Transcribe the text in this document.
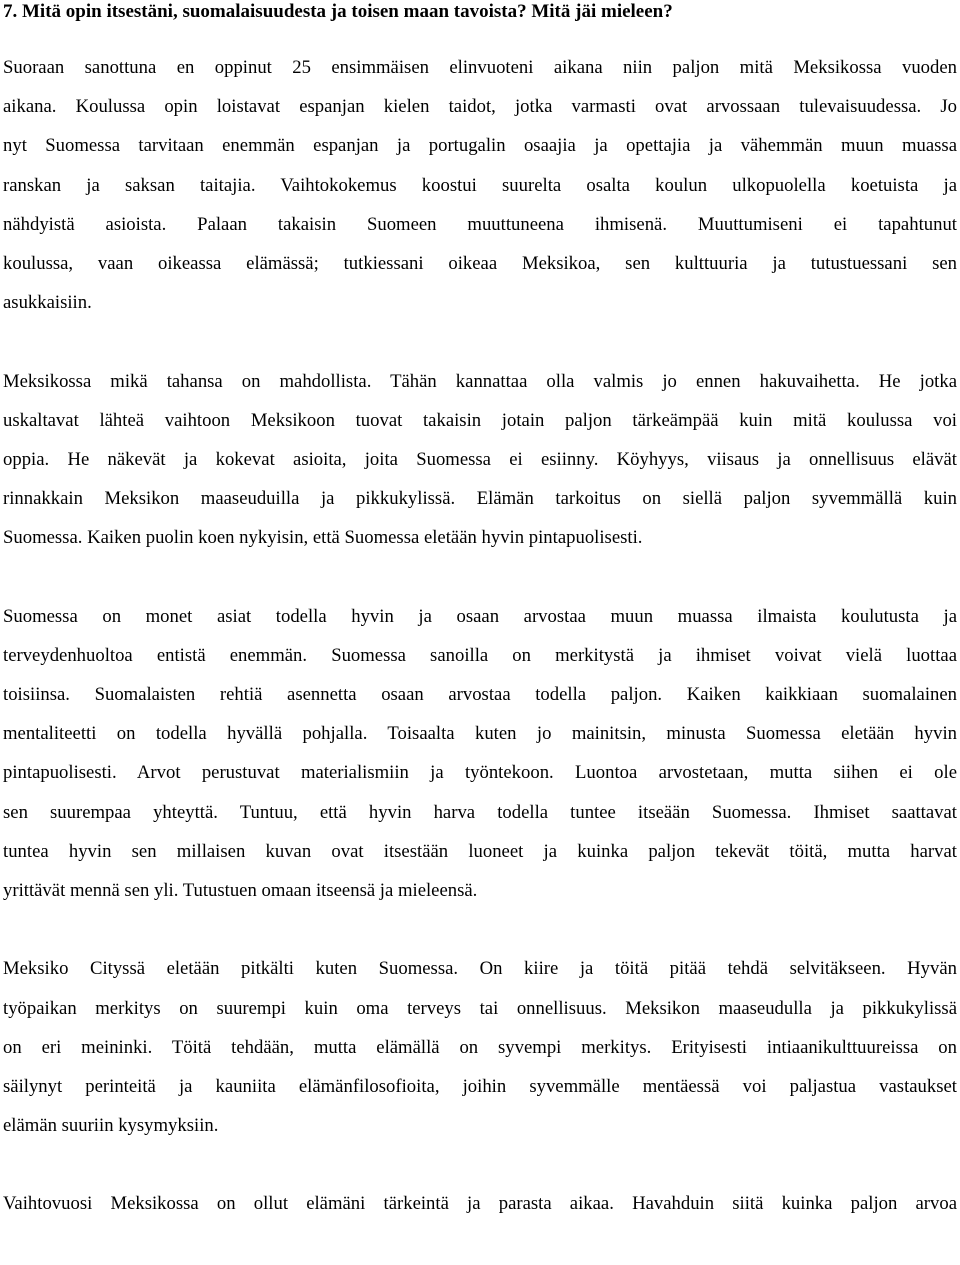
7. Mitä opin itsestäni, suomalaisuudesta ja toisen maan tavoista? Mitä jäi mieleen?
Suoraan sanottuna en oppinut 25 ensimmäisen elinvuoteni aikana niin paljon mitä Meksikossa vuoden
aikana. Koulussa opin loistavat espanjan kielen taidot, jotka varmasti ovat arvossaan tulevaisuudessa. Jo
nyt Suomessa tarvitaan enemmän espanjan ja portugalin osaajia ja opettajia ja vähemmän muun muassa
ranskan ja saksan taitajia. Vaihtokokemus koostui suurelta osalta koulun ulkopuolella koetuista ja
nähdyistä asioista. Palaan takaisin Suomeen muuttuneena ihmisenä. Muuttumiseni ei tapahtunut
koulussa, vaan oikeassa elämässä; tutkiessani oikeaa Meksikoa, sen kulttuuria ja tutustuessani sen
asukkaisiin.
Meksikossa mikä tahansa on mahdollista. Tähän kannattaa olla valmis jo ennen hakuvaihetta. He jotka
uskaltavat lähteä vaihtoon Meksikoon tuovat takaisin jotain paljon tärkeämpää kuin mitä koulussa voi
oppia. He näkevät ja kokevat asioita, joita Suomessa ei esiinny. Köyhyys, viisaus ja onnellisuus elävät
rinnakkain Meksikon maaseuduilla ja pikkukylissä. Elämän tarkoitus on siellä paljon syvemmällä kuin
Suomessa. Kaiken puolin koen nykyisin, että Suomessa eletään hyvin pintapuolisesti.
Suomessa on monet asiat todella hyvin ja osaan arvostaa muun muassa ilmaista koulutusta ja
terveydenhuoltoa entistä enemmän. Suomessa sanoilla on merkitystä ja ihmiset voivat vielä luottaa
toisiinsa. Suomalaisten rehtiä asennetta osaan arvostaa todella paljon. Kaiken kaikkiaan suomalainen
mentaliteetti on todella hyvällä pohjalla. Toisaalta kuten jo mainitsin, minusta Suomessa eletään hyvin
pintapuolisesti. Arvot perustuvat materialismiin ja työntekoon. Luontoa arvostetaan, mutta siihen ei ole
sen suurempaa yhteyttä. Tuntuu, että hyvin harva todella tuntee itseään Suomessa. Ihmiset saattavat
tuntea hyvin sen millaisen kuvan ovat itsestään luoneet ja kuinka paljon tekevät töitä, mutta harvat
yrittävät mennä sen yli. Tutustuen omaan itseensä ja mieleensä.
Meksiko Cityssä eletään pitkälti kuten Suomessa. On kiire ja töitä pitää tehdä selvitäkseen. Hyvän
työpaikan merkitys on suurempi kuin oma terveys tai onnellisuus. Meksikon maaseudulla ja pikkukylissä
on eri meininki. Töitä tehdään, mutta elämällä on syvempi merkitys. Erityisesti intiaanikulttuureissa on
säilynyt perinteitä ja kauniita elämänfilosofioita, joihin syvemmälle mentäessä voi paljastua vastaukset
elämän suuriin kysymyksiin.
Vaihtovuosi Meksikossa on ollut elämäni tärkeintä ja parasta aikaa. Havahduin siitä kuinka paljon arvoa
